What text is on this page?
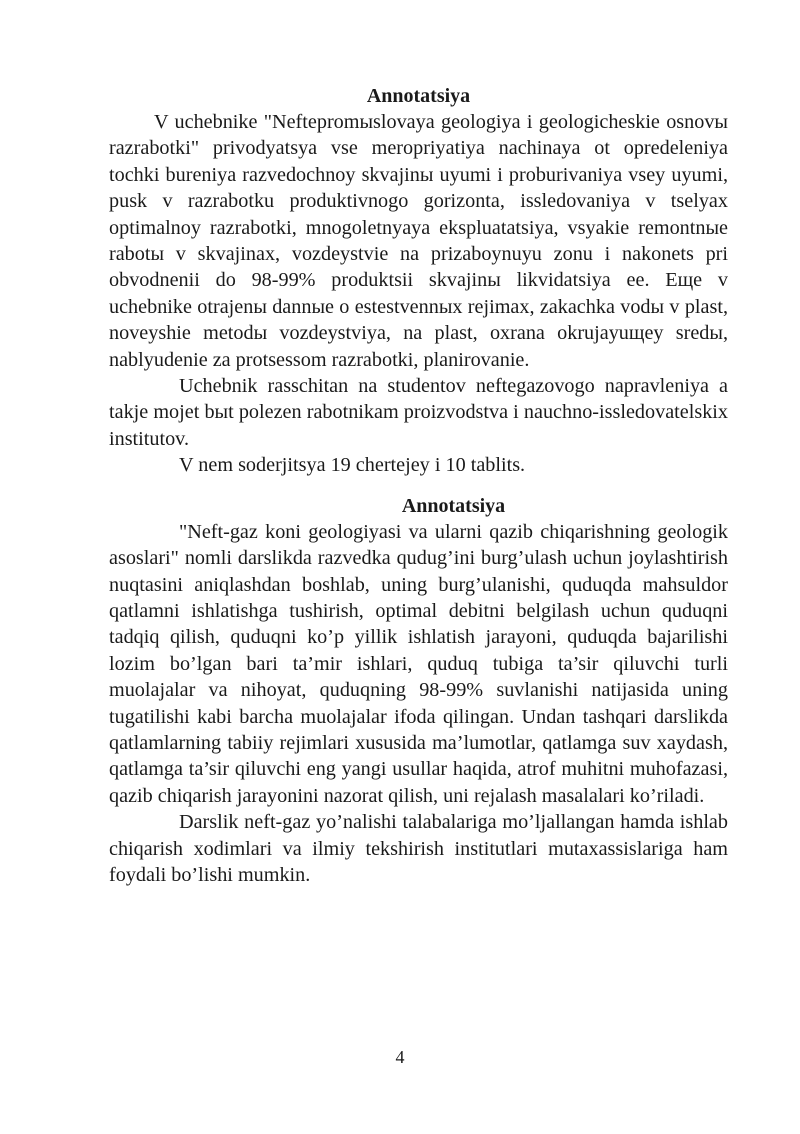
Annotatsiya

V uchebnike "Neftepromыslovaya geologiya i geologicheskie osnovы razrabotki" privodyatsya vse meropriyatiya nachinaya ot opredeleniya tochki bureniya razvedochnoy skvajinы uyumi i proburivaniya vsey uyumi, pusk v razrabotku produktivnogo gorizonta, issledovaniya v tselyax optimalnoy razrabotki, mnogoletnyaya ekspluatatsiya, vsyakie remontnыe rabotы v skvajinax, vozdeystvie na prizaboynuyu zonu i nakonets pri obvodnenii do 98-99% produktsii skvajinы likvidatsiya ee. Еще v uchebnike otrajenы dannыe o estestvennыx rejimax, zakachka vodы v plast, noveyshie metodы vozdeystviya, na plast, oxrana okrujayuщey sredы, nablyudenie za protsessom razrabotki, planirovanie.

Uchebnik rasschitan na studentov neftegazovogo napravleniya a takje mojet bыt polezen rabotnikam proizvodstva i nauchno-issledovatelskix institutov.

V nem soderjitsya 19 chertejey i 10 tablits.

Annotatsiya

"Neft-gaz koni geologiyasi va ularni qazib chiqarishning geologik asoslari" nomli darslikda razvedka qudug’ini burg’ulash uchun joylashtirish nuqtasini aniqlashdan boshlab, uning burg’ulanishi, quduqda mahsuldor qatlamni ishlatishga tushirish, optimal debitni belgilash uchun quduqni tadqiq qilish, quduqni ko’p yillik ishlatish jarayoni, quduqda bajarilishi lozim bo’lgan bari ta’mir ishlari, quduq tubiga ta’sir qiluvchi turli muolajalar va nihoyat, quduqning 98-99% suvlanishi natijasida uning tugatilishi kabi barcha muolajalar ifoda qilingan. Undan tashqari darslikda qatlamlarning tabiiy rejimlari xususida ma’lumotlar, qatlamga suv xaydash, qatlamga ta’sir qiluvchi eng yangi usullar haqida, atrof muhitni muhofazasi, qazib chiqarish jarayonini nazorat qilish, uni rejalash masalalari ko’riladi.

Darslik neft-gaz yo’nalishi talabalariga mo’ljallangan hamda ishlab chiqarish xodimlari va ilmiy tekshirish institutlari mutaxassislariga ham foydali bo’lishi mumkin.

4
